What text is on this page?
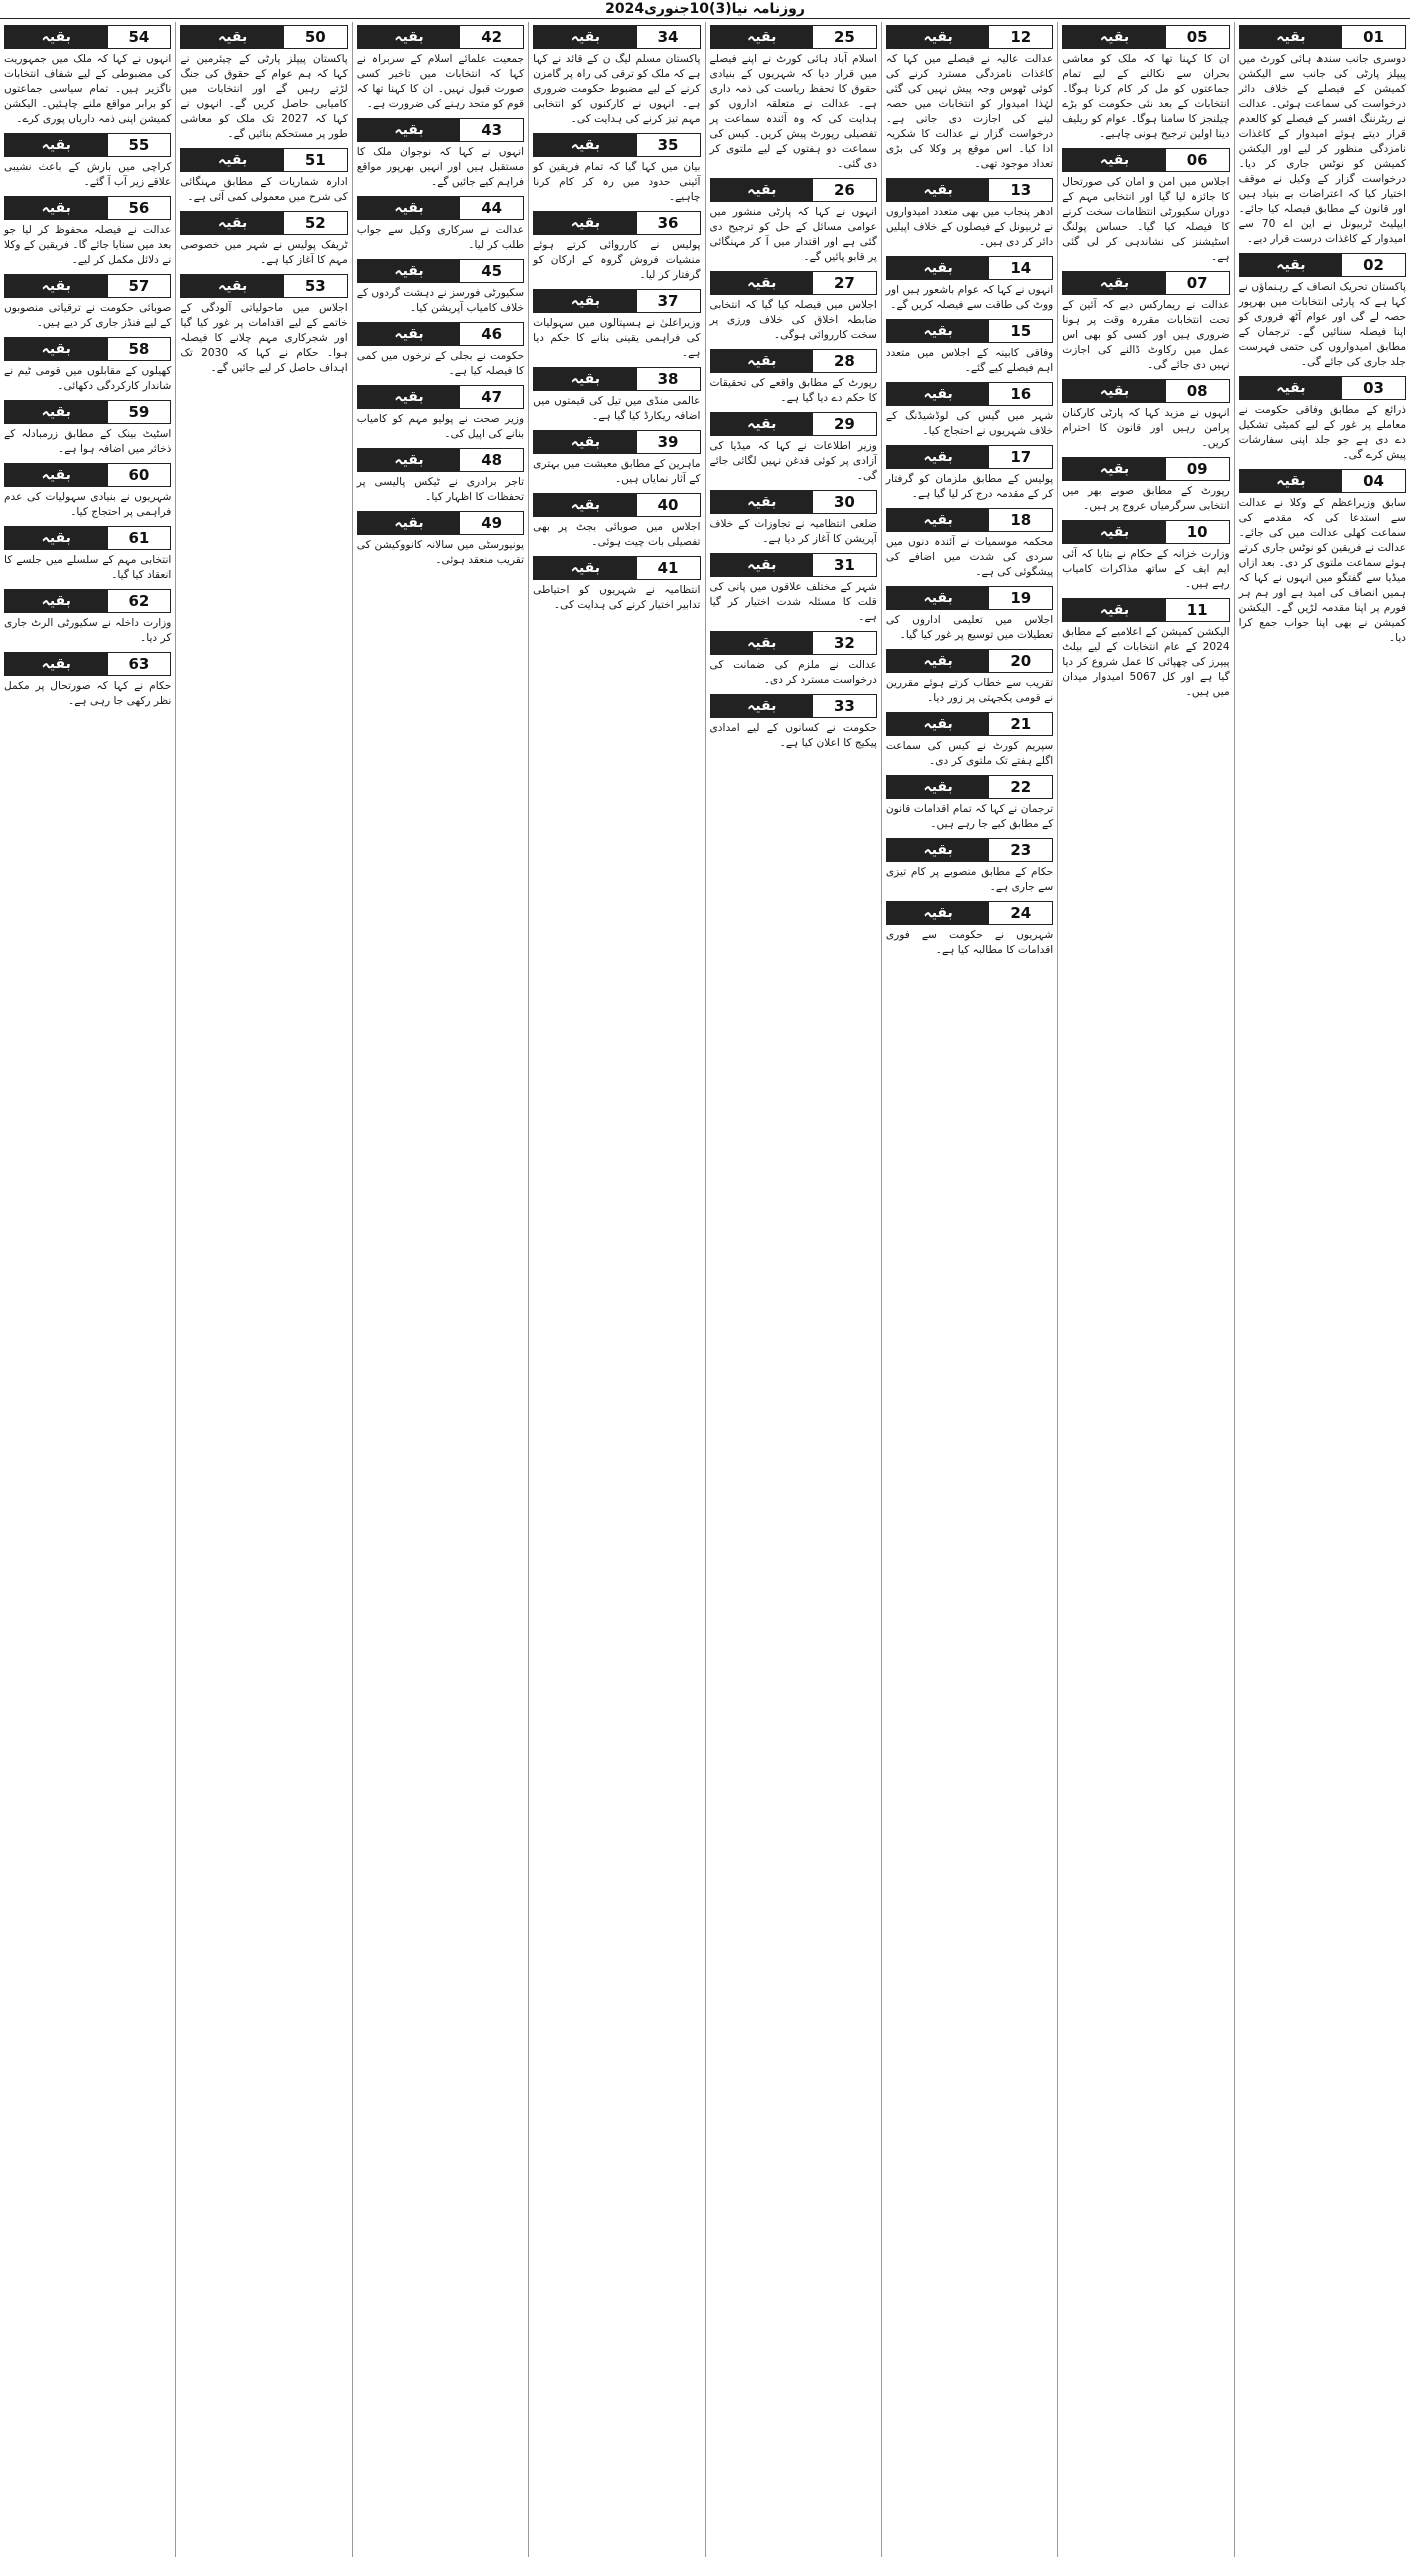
روزنامہ نیا(3)10جنوری2024
بقیہ	01

دوسری جانب سندھ ہائی کورٹ میں پیپلز پارٹی کی جانب سے الیکشن کمیشن کے فیصلے کے خلاف دائر درخواست کی سماعت ہوئی۔ عدالت نے ریٹرننگ افسر کے فیصلے کو کالعدم قرار دیتے ہوئے امیدوار کے کاغذات نامزدگی منظور کر لیے اور الیکشن کمیشن کو نوٹس جاری کر دیا۔ درخواست گزار کے وکیل نے موقف اختیار کیا کہ اعتراضات بے بنیاد ہیں اور قانون کے مطابق فیصلہ کیا جائے۔ ایپلیٹ ٹربیونل نے این اے 70 سے امیدوار کے کاغذات درست قرار دیے۔

بقیہ	02

پاکستان تحریک انصاف کے رہنماؤں نے کہا ہے کہ پارٹی انتخابات میں بھرپور حصہ لے گی اور عوام آٹھ فروری کو اپنا فیصلہ سنائیں گے۔ ترجمان کے مطابق امیدواروں کی حتمی فہرست جلد جاری کی جائے گی۔

بقیہ	03

ذرائع کے مطابق وفاقی حکومت نے معاملے پر غور کے لیے کمیٹی تشکیل دے دی ہے جو جلد اپنی سفارشات پیش کرے گی۔

بقیہ	04

سابق وزیراعظم کے وکلا نے عدالت سے استدعا کی کہ مقدمے کی سماعت کھلی عدالت میں کی جائے۔ عدالت نے فریقین کو نوٹس جاری کرتے ہوئے سماعت ملتوی کر دی۔ بعد ازاں میڈیا سے گفتگو میں انہوں نے کہا کہ ہمیں انصاف کی امید ہے اور ہم ہر فورم پر اپنا مقدمہ لڑیں گے۔ الیکشن کمیشن نے بھی اپنا جواب جمع کرا دیا۔

بقیہ	05

ان کا کہنا تھا کہ ملک کو معاشی بحران سے نکالنے کے لیے تمام جماعتوں کو مل کر کام کرنا ہوگا۔ انتخابات کے بعد نئی حکومت کو بڑے چیلنجز کا سامنا ہوگا۔ عوام کو ریلیف دینا اولین ترجیح ہونی چاہیے۔

بقیہ	06

اجلاس میں امن و امان کی صورتحال کا جائزہ لیا گیا اور انتخابی مہم کے دوران سکیورٹی انتظامات سخت کرنے کا فیصلہ کیا گیا۔ حساس پولنگ اسٹیشنز کی نشاندہی کر لی گئی ہے۔

بقیہ	07

عدالت نے ریمارکس دیے کہ آئین کے تحت انتخابات مقررہ وقت پر ہونا ضروری ہیں اور کسی کو بھی اس عمل میں رکاوٹ ڈالنے کی اجازت نہیں دی جائے گی۔

بقیہ	08

انہوں نے مزید کہا کہ پارٹی کارکنان پرامن رہیں اور قانون کا احترام کریں۔

بقیہ	09

رپورٹ کے مطابق صوبے بھر میں انتخابی سرگرمیاں عروج پر ہیں۔

بقیہ	10

وزارت خزانہ کے حکام نے بتایا کہ آئی ایم ایف کے ساتھ مذاکرات کامیاب رہے ہیں۔

بقیہ	11

الیکشن کمیشن کے اعلامیے کے مطابق 2024 کے عام انتخابات کے لیے بیلٹ پیپرز کی چھپائی کا عمل شروع کر دیا گیا ہے اور کل 5067 امیدوار میدان میں ہیں۔

بقیہ	12

عدالت عالیہ نے فیصلے میں کہا کہ کاغذات نامزدگی مسترد کرنے کی کوئی ٹھوس وجہ پیش نہیں کی گئی لہٰذا امیدوار کو انتخابات میں حصہ لینے کی اجازت دی جاتی ہے۔ درخواست گزار نے عدالت کا شکریہ ادا کیا۔ اس موقع پر وکلا کی بڑی تعداد موجود تھی۔

بقیہ	13

ادھر پنجاب میں بھی متعدد امیدواروں نے ٹربیونل کے فیصلوں کے خلاف اپیلیں دائر کر دی ہیں۔

بقیہ	14

انہوں نے کہا کہ عوام باشعور ہیں اور ووٹ کی طاقت سے فیصلہ کریں گے۔

بقیہ	15

وفاقی کابینہ کے اجلاس میں متعدد اہم فیصلے کیے گئے۔

بقیہ	16

شہر میں گیس کی لوڈشیڈنگ کے خلاف شہریوں نے احتجاج کیا۔

بقیہ	17

پولیس کے مطابق ملزمان کو گرفتار کر کے مقدمہ درج کر لیا گیا ہے۔

بقیہ	18

محکمہ موسمیات نے آئندہ دنوں میں سردی کی شدت میں اضافے کی پیشگوئی کی ہے۔

بقیہ	19

اجلاس میں تعلیمی اداروں کی تعطیلات میں توسیع پر غور کیا گیا۔

بقیہ	20

تقریب سے خطاب کرتے ہوئے مقررین نے قومی یکجہتی پر زور دیا۔

بقیہ	21

سپریم کورٹ نے کیس کی سماعت اگلے ہفتے تک ملتوی کر دی۔

بقیہ	22

ترجمان نے کہا کہ تمام اقدامات قانون کے مطابق کیے جا رہے ہیں۔

بقیہ	23

حکام کے مطابق منصوبے پر کام تیزی سے جاری ہے۔

بقیہ	24

شہریوں نے حکومت سے فوری اقدامات کا مطالبہ کیا ہے۔

بقیہ	25

اسلام آباد ہائی کورٹ نے اپنے فیصلے میں قرار دیا کہ شہریوں کے بنیادی حقوق کا تحفظ ریاست کی ذمہ داری ہے۔ عدالت نے متعلقہ اداروں کو ہدایت کی کہ وہ آئندہ سماعت پر تفصیلی رپورٹ پیش کریں۔ کیس کی سماعت دو ہفتوں کے لیے ملتوی کر دی گئی۔

بقیہ	26

انہوں نے کہا کہ پارٹی منشور میں عوامی مسائل کے حل کو ترجیح دی گئی ہے اور اقتدار میں آ کر مہنگائی پر قابو پائیں گے۔

بقیہ	27

اجلاس میں فیصلہ کیا گیا کہ انتخابی ضابطہ اخلاق کی خلاف ورزی پر سخت کارروائی ہوگی۔

بقیہ	28

رپورٹ کے مطابق واقعے کی تحقیقات کا حکم دے دیا گیا ہے۔

بقیہ	29

وزیر اطلاعات نے کہا کہ میڈیا کی آزادی پر کوئی قدغن نہیں لگائی جائے گی۔

بقیہ	30

ضلعی انتظامیہ نے تجاوزات کے خلاف آپریشن کا آغاز کر دیا ہے۔

بقیہ	31

شہر کے مختلف علاقوں میں پانی کی قلت کا مسئلہ شدت اختیار کر گیا ہے۔

بقیہ	32

عدالت نے ملزم کی ضمانت کی درخواست مسترد کر دی۔

بقیہ	33

حکومت نے کسانوں کے لیے امدادی پیکیج کا اعلان کیا ہے۔

بقیہ	34

پاکستان مسلم لیگ ن کے قائد نے کہا ہے کہ ملک کو ترقی کی راہ پر گامزن کرنے کے لیے مضبوط حکومت ضروری ہے۔ انہوں نے کارکنوں کو انتخابی مہم تیز کرنے کی ہدایت کی۔

بقیہ	35

بیان میں کہا گیا کہ تمام فریقین کو آئینی حدود میں رہ کر کام کرنا چاہیے۔

بقیہ	36

پولیس نے کارروائی کرتے ہوئے منشیات فروش گروہ کے ارکان کو گرفتار کر لیا۔

بقیہ	37

وزیراعلیٰ نے ہسپتالوں میں سہولیات کی فراہمی یقینی بنانے کا حکم دیا ہے۔

بقیہ	38

عالمی منڈی میں تیل کی قیمتوں میں اضافہ ریکارڈ کیا گیا ہے۔

بقیہ	39

ماہرین کے مطابق معیشت میں بہتری کے آثار نمایاں ہیں۔

بقیہ	40

اجلاس میں صوبائی بجٹ پر بھی تفصیلی بات چیت ہوئی۔

بقیہ	41

انتظامیہ نے شہریوں کو احتیاطی تدابیر اختیار کرنے کی ہدایت کی۔

بقیہ	42

جمعیت علمائے اسلام کے سربراہ نے کہا کہ انتخابات میں تاخیر کسی صورت قبول نہیں۔ ان کا کہنا تھا کہ قوم کو متحد رہنے کی ضرورت ہے۔

بقیہ	43

انہوں نے کہا کہ نوجوان ملک کا مستقبل ہیں اور انہیں بھرپور مواقع فراہم کیے جائیں گے۔

بقیہ	44

عدالت نے سرکاری وکیل سے جواب طلب کر لیا۔

بقیہ	45

سکیورٹی فورسز نے دہشت گردوں کے خلاف کامیاب آپریشن کیا۔

بقیہ	46

حکومت نے بجلی کے نرخوں میں کمی کا فیصلہ کیا ہے۔

بقیہ	47

وزیر صحت نے پولیو مہم کو کامیاب بنانے کی اپیل کی۔

بقیہ	48

تاجر برادری نے ٹیکس پالیسی پر تحفظات کا اظہار کیا۔

بقیہ	49

یونیورسٹی میں سالانہ کانووکیشن کی تقریب منعقد ہوئی۔

بقیہ	50

پاکستان پیپلز پارٹی کے چیئرمین نے کہا کہ ہم عوام کے حقوق کی جنگ لڑتے رہیں گے اور انتخابات میں کامیابی حاصل کریں گے۔ انہوں نے کہا کہ 2027 تک ملک کو معاشی طور پر مستحکم بنائیں گے۔

بقیہ	51

ادارہ شماریات کے مطابق مہنگائی کی شرح میں معمولی کمی آئی ہے۔

بقیہ	52

ٹریفک پولیس نے شہر میں خصوصی مہم کا آغاز کیا ہے۔

بقیہ	53

اجلاس میں ماحولیاتی آلودگی کے خاتمے کے لیے اقدامات پر غور کیا گیا اور شجرکاری مہم چلانے کا فیصلہ ہوا۔ حکام نے کہا کہ 2030 تک اہداف حاصل کر لیے جائیں گے۔

بقیہ	54

انہوں نے کہا کہ ملک میں جمہوریت کی مضبوطی کے لیے شفاف انتخابات ناگزیر ہیں۔ تمام سیاسی جماعتوں کو برابر مواقع ملنے چاہئیں۔ الیکشن کمیشن اپنی ذمہ داریاں پوری کرے۔

بقیہ	55

کراچی میں بارش کے باعث نشیبی علاقے زیر آب آ گئے۔

بقیہ	56

عدالت نے فیصلہ محفوظ کر لیا جو بعد میں سنایا جائے گا۔ فریقین کے وکلا نے دلائل مکمل کر لیے۔

بقیہ	57

صوبائی حکومت نے ترقیاتی منصوبوں کے لیے فنڈز جاری کر دیے ہیں۔

بقیہ	58

کھیلوں کے مقابلوں میں قومی ٹیم نے شاندار کارکردگی دکھائی۔

بقیہ	59

اسٹیٹ بینک کے مطابق زرمبادلہ کے ذخائر میں اضافہ ہوا ہے۔

بقیہ	60

شہریوں نے بنیادی سہولیات کی عدم فراہمی پر احتجاج کیا۔

بقیہ	61

انتخابی مہم کے سلسلے میں جلسے کا انعقاد کیا گیا۔

بقیہ	62

وزارت داخلہ نے سکیورٹی الرٹ جاری کر دیا۔

بقیہ	63

حکام نے کہا کہ صورتحال پر مکمل نظر رکھی جا رہی ہے۔
